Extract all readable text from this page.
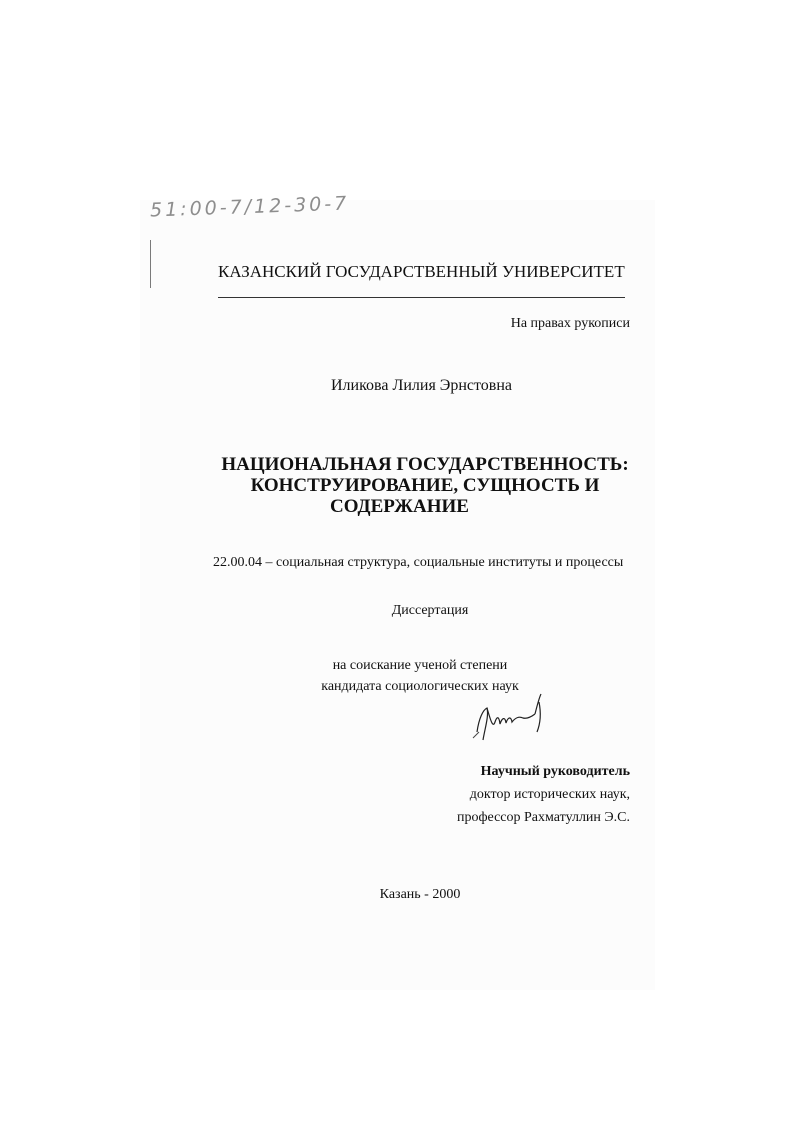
51:00-7/12-30-7
КАЗАНСКИЙ ГОСУДАРСТВЕННЫЙ УНИВЕРСИТЕТ
На правах рукописи
Иликова Лилия Эрнстовна
НАЦИОНАЛЬНАЯ ГОСУДАРСТВЕННОСТЬ:
КОНСТРУИРОВАНИЕ, СУЩНОСТЬ И
СОДЕРЖАНИЕ
22.00.04 – социальная структура, социальные институты и процессы
Диссертация
на соискание ученой степени
кандидата социологических наук
Научный руководитель
доктор исторических наук,
профессор Рахматуллин Э.С.
Казань - 2000
